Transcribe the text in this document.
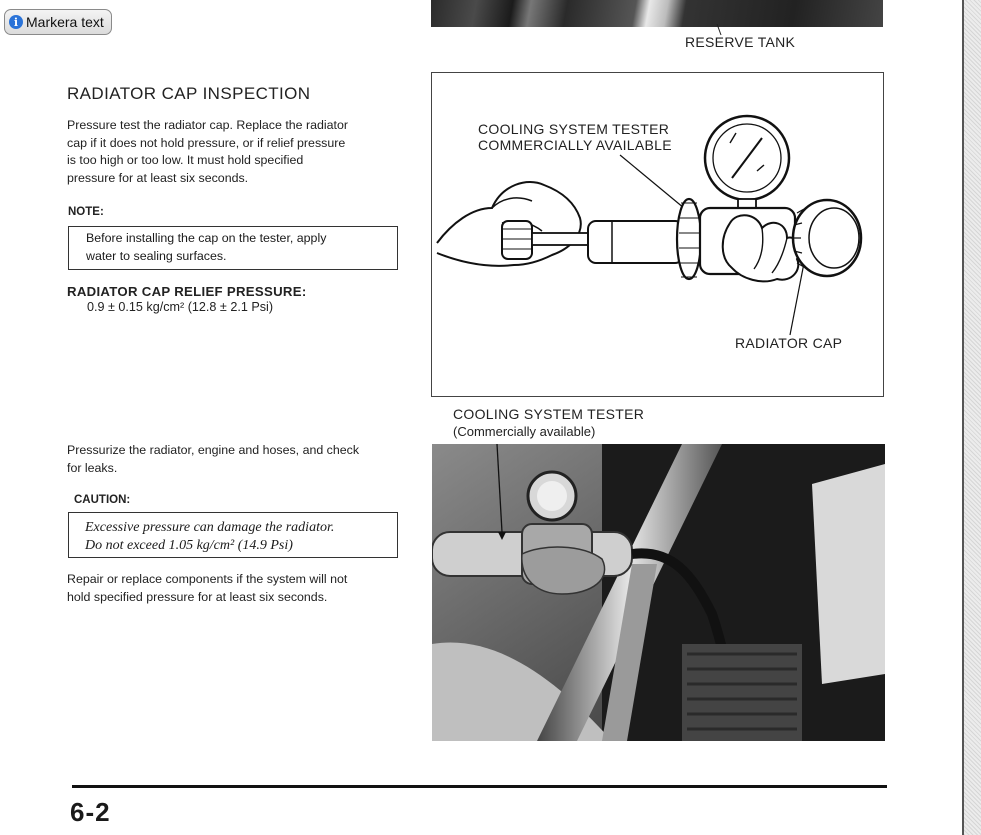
i Markera text
RESERVE TANK
RADIATOR CAP INSPECTION
Pressure test the radiator cap. Replace the radiator
cap if it does not hold pressure, or if relief pressure
is too high or too low. It must hold specified
pressure for at least six seconds.
NOTE:
Before installing the cap on the tester, apply
water to sealing surfaces.
RADIATOR CAP RELIEF PRESSURE:
0.9 ± 0.15 kg/cm² (12.8 ± 2.1 Psi)
COOLING SYSTEM TESTER
COMMERCIALLY AVAILABLE
RADIATOR CAP
COOLING SYSTEM TESTER
(Commercially available)
Pressurize the radiator, engine and hoses, and check
for leaks.
CAUTION:
Excessive pressure can damage the radiator.
Do not exceed 1.05 kg/cm² (14.9 Psi)
Repair or replace components if the system will not
hold specified pressure for at least six seconds.
6-2
